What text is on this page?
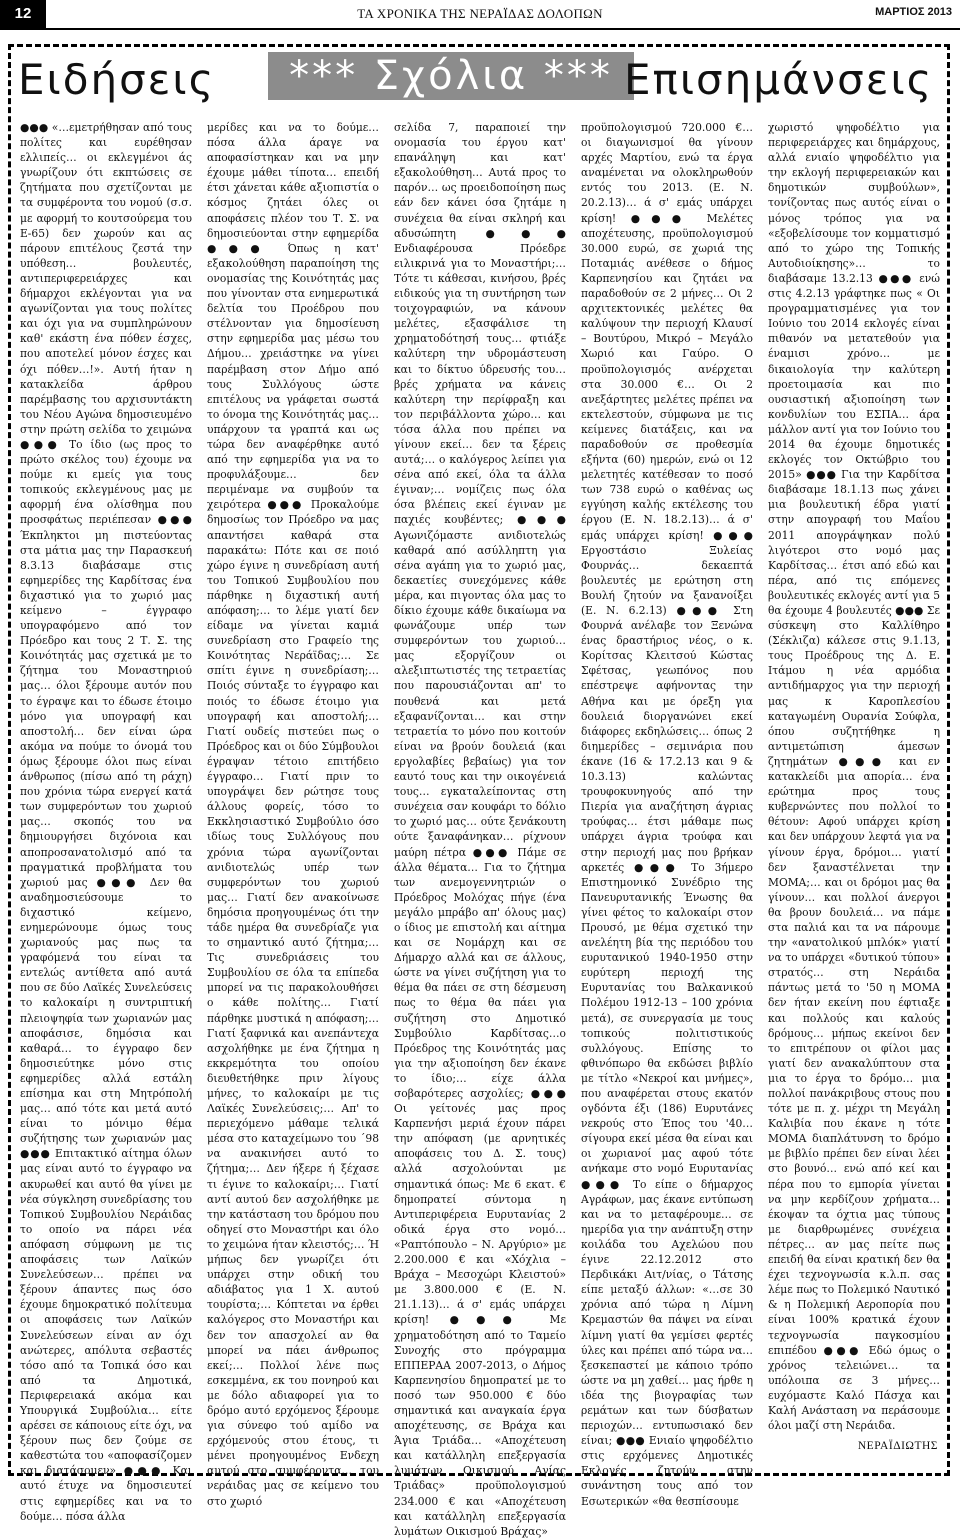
12	ΤΑ ΧΡΟΝΙΚΑ ΤΗΣ ΝΕΡΑΪΔΑΣ ΔΟΛΟΠΩΝ	ΜΑΡΤΙΟΣ 2013
Ειδήσεις	*** Σχόλια *** Επισημάνσεις

●●● «…εμετρήθησαν από τους πολίτες και ευρέθησαν ελλιπείς… οι εκλεγμένοι άς γνωρίζουν ότι εκπτώσεις σε ζητήματα που σχετίζονται με τα συμφέροντα του νομού (σ.σ. με αφορμή το κουτσούρεμα του Ε-65) δεν χωρούν και ας πάρουν επιτέλους ζεστά την υπόθεση… βουλευτές, αντιπεριφερειάρχες και δήμαρχοι εκλέγονται για να αγωνίζονται για τους πολίτες και όχι για να συμπληρώνουν καθ' εκάστη ένα πόθεν έσχες, που αποτελεί μόνον έσχες και όχι πόθεν…!». Αυτή ήταν η κατακλείδα άρθρου παρέμβασης του αρχισυντάκτη του Νέου Αγώνα δημοσιευμένο στην πρώτη σελίδα το χειμώνα ●●● Το ίδιο (ως προς το πρώτο σκέλος του) έχουμε να πούμε κι εμείς για τους τοπικούς εκλεγμένους μας με αφορμή ένα ολίσθημα που προσφάτως περιέπεσαν ●●● Έκπληκτοι μη πιστεύοντας στα μάτια μας την Παρασκευή 8.3.13 διαβάσαμε στις εφημερίδες της Καρδίτσας ένα διχαστικό για το χωριό μας κείμενο – έγγραφο υπογραφόμενο από τον Πρόεδρο και τους 2 Τ. Σ. της Κοινότητάς μας σχετικά με το ζήτημα του Μοναστηριού μας… όλοι ξέρουμε αυτόν που το έγραψε και το έδωσε έτοιμο μόνο για υπογραφή και αποστολή… δεν είναι ώρα ακόμα να πούμε το όνομά του όμως ξέρουμε όλοι πως είναι άνθρωπος (πίσω από τη ράχη) που χρόνια τώρα ενεργεί κατά των συμφερόντων του χωριού μας… σκοπός του να δημιουργήσει διχόνοια και αποπροσανατολισμό από τα πραγματικά προβλήματα του χωριού μας ●●● Δεν θα αναδημοσιεύσουμε το διχαστικό κείμενο, ενημερώνουμε όμως τους χωριανούς μας πως τα γραφόμενά του είναι τα εντελώς αντίθετα από αυτά που σε δύο Λαϊκές Συνελεύσεις το καλοκαίρι η συντριπτική πλειοψηφία των χωριανών μας αποφάσισε, δημόσια και καθαρά… το έγγραφο δεν δημοσιεύτηκε μόνο στις εφημερίδες αλλά εστάλη επίσημα και στη Μητρόπολή μας… από τότε και μετά αυτό είναι το μόνιμο θέμα συζήτησης των χωριανών μας ●●● Επιτακτικό αίτημα όλων μας είναι αυτό το έγγραφο να ακυρωθεί και αυτό θα γίνει με νέα σύγκληση συνεδρίασης του Τοπικού Συμβουλίου Νεράιδας το οποίο να πάρει νέα απόφαση σύμφωνη με τις αποφάσεις των Λαϊκών Συνελεύσεων… πρέπει να ξέρουν άπαντες πως όσο έχουμε δημοκρατικό πολίτευμα οι αποφάσεις των Λαϊκών Συνελεύσεων είναι αν όχι ανώτερες, απόλυτα σεβαστές τόσο από τα Τοπικά όσο και από τα Δημοτικά, Περιφερειακά ακόμα και Υπουργικά Συμβούλια… είτε αρέσει σε κάποιους είτε όχι, να ξέρουν πως δεν ζούμε σε καθεστώτα του «αποφασίζομεν και διατάσομεν» ●●● Και αυτό έτυχε να δημοσιευτεί στις εφημερίδες και να το δούμε… πόσα άλλα

μερίδες και να το δούμε… πόσα άλλα άραγε να αποφασίστηκαν και να μην έχουμε μάθει τίποτα… επειδή έτσι χάνεται κάθε αξιοπιστία ο κόσμος ζητάει όλες οι αποφάσεις πλέον του Τ. Σ. να δημοσιεύονται στην εφημερίδα ●●● Όπως η κατ' εξακολούθηση παραποίηση της ονομασίας της Κοινότητάς μας που γίνονταν στα ενημερωτικά δελτία του Προέδρου που στέλνονταν για δημοσίευση στην εφημερίδα μας μέσω του Δήμου… χρειάστηκε να γίνει παρέμβαση στον Δήμο από τους Συλλόγους ώστε επιτέλους να γράφεται σωστά το όνομα της Κοινότητάς μας… υπάρχουν τα γραπτά και ως τώρα δεν αναφέρθηκε αυτό από την εφημερίδα για να το προφυλάξουμε… δεν περιμέναμε να συμβούν τα χειρότερα ●●● Προκαλούμε δημοσίως τον Πρόεδρο να μας απαντήσει καθαρά στα παρακάτω: Πότε και σε ποιό χώρο έγινε η συνεδρίαση αυτή του Τοπικού Συμβουλίου που πάρθηκε η διχαστική αυτή απόφαση;… το λέμε γιατί δεν είδαμε να γίνεται καμιά συνεδρίαση στο Γραφείο της Κοινότητας Νεράϊδας;… Σε σπίτι έγινε η συνεδρίαση;… Ποιός σύνταξε το έγγραφο και ποιός το έδωσε έτοιμο για υπογραφή και αποστολή;… Γιατί ουδείς πιστεύει πως ο Πρόεδρος και οι δύο Σύμβουλοι έγραψαν τέτοιο επιτήδειο έγγραφο… Γιατί πριν το υπογράψει δεν ρώτησε τους άλλους φορείς, τόσο το Εκκλησιαστικό Συμβούλιο όσο ιδίως τους Συλλόγους που χρόνια τώρα αγωνίζονται ανιδιοτελώς υπέρ των συμφερόντων του χωριού μας… Γιατί δεν ανακοίνωσε δημόσια προηγουμένως ότι την τάδε ημέρα θα συνεδρίαζε για το σημαντικό αυτό ζήτημα;… Τις συνεδριάσεις του Συμβουλίου σε όλα τα επίπεδα μπορεί να τις παρακολουθήσει ο κάθε πολίτης… Γιατί πάρθηκε μυστικά η απόφαση;… Γιατί ξαφνικά και ανεπάντεχα ασχολήθηκε με ένα ζήτημα η εκκρεμότητα του οποίου διευθετήθηκε πριν λίγους μήνες, το καλοκαίρι με τις Λαϊκές Συνελεύσεις;… Απ' το περιεχόμενο μάθαμε τελικά μέσα στο καταχείμωνο του ΄98 να ανακινήσει αυτό το ζήτημα;… Δεν ήξερε ή ξέχασε τι έγινε το καλοκαίρι;… Γιατί αντί αυτού δεν ασχολήθηκε με την κατάσταση του δρόμου που οδηγεί στο Μοναστήρι και όλο το χειμώνα ήταν κλειστός;… Ή μήπως δεν γνωρίζει ότι υπάρχει στην οδική του αδιάβατος για 1 Χ. αυτού τουρίστα;… Κόπτεται να έρθει καλόγερος στο Μοναστήρι και δεν τον απασχολεί αν θα μπορεί να πάει άνθρωπος εκεί;… Πολλοί λένε πως εσκεμμένα, εκ του πονηρού και με δόλο αδιαφορεί για το δρόμο αυτό ερχόμενος ξέρουμε για σύνεφο τού αμίδο να ερχόμενούς στου έτους, τι μένει προηγουμένος Ενδεχη αυτού στο συμφέροντα… του νεράιδας μας σε κείμενο του στο χωριό

σελίδα 7, παραποιεί την ονομασία του έργου κατ' επανάληψη και κατ' εξακολούθηση… Αυτά προς το παρόν… ως προειδοποίηση πως εάν δεν κάνει όσα ζητάμε η συνέχεια θα είναι σκληρή και αδυσώπητη ●●● Ενδιαφέρουσα Πρόεδρε ειλικρινά για το Μοναστήρι;… Τότε τι κάθεσαι, κινήσου, βρές ειδικούς για τη συντήρηση των τοιχογραφιών, να κάνουν μελέτες, εξασφάλισε τη χρηματοδότησή τους… φτιάξε καλύτερη την υδρομάστευση και το δίκτυο ύδρευσής του… βρές χρήματα να κάνεις καλύτερη την περίφραξη και τον περιβάλλοντα χώρο… και τόσα άλλα που πρέπει να γίνουν εκεί… δεν τα ξέρεις αυτά;… ο καλόγερος λείπει για σένα από εκεί, όλα τα άλλα έγιναν;… νομίζεις πως όλα όσα βλέπεις εκεί έγιναν με παχιές κουβέντες; ●●● Αγωνιζόμαστε ανιδιοτελώς καθαρά από ασύλληπτη για σένα αγάπη για το χωριό μας, δεκαετίες συνεχόμενες κάθε μέρα, και πιγοντας όλα μας το δίκιο έχουμε κάθε δικαίωμα να φωνάζουμε υπέρ των συμφερόντων του χωριού… μας εξοργίζουν οι αλεξιπτωτιστές της τετραετίας που παρουσιάζονται απ' το πουθενά και μετά εξαφανίζονται… και στην τετραετία το μόνο που κοιτούν είναι να βρούν δουλειά (και εργολαβίες βεβαίως) για τον εαυτό τους και την οικογένειά τους… εγκαταλείποντας στη συνέχεια σαν κουφάρι το δόλιο το χωριό μας… ούτε ξενάκουτη ούτε ξαναφάνηκαν… ρίχνουν μαύρη πέτρα ●●● Πάμε σε άλλα θέματα… Για το ζήτημα των ανεμογεννητριών ο Πρόεδρος Μολόχας πήγε (ένα μεγάλο μπράβο απ' όλους μας) ο ίδιος με επιστολή και αίτημα και σε Νομάρχη και σε Δήμαρχο αλλά και σε άλλους, ώστε να γίνει συζήτηση για το θέμα θα πάει σε στη δέσμευση πως το θέμα θα πάει για συζήτηση στο Δημοτικό Συμβούλιο Καρδίτσας…ο Πρόεδρος της Κοινότητάς μας για την αξιοποίηση δεν έκανε το ίδιο;… είχε άλλα σοβαρότερες ασχολίες; ●●● Οι γείτονές μας προς Καρπενήσι μεριά έχουν πάρει την απόφαση (με αρνητικές αποφάσεις του Δ. Σ. τους) αλλά ασχολούνται με σημαντικά όπως: Με 6 εκατ. € δημοπρατεί σύντομα η Αντιπεριφέρεια Ευρυτανίας 2 οδικά έργα στο νομό… «Ραπτόπουλο – Ν. Αργύριο» με 2.200.000 € και «Χόχλια – Βράχα – Μεσοχώρι Κλειστού» με 3.800.000 € (Ε. Ν. 21.1.13)… ά σ' εμάς υπάρχει κρίση! ●●● Με χρηματοδότηση από το Ταμείο Συνοχής στο πρόγραμμα ΕΠΠΕΡΑΑ 2007-2013, ο Δήμος Καρπενησίου δημοπρατεί με το ποσό των 950.000 € δύο σημαντικά και αναγκαία έργα αποχέτευσης, σε Βράχα και Άγια Τριάδα… «Αποχέτευση και κατάλληλη επεξεργασία λυμάτων Οικισμού Αγίας Τριάδας» προϋπολογισμού 234.000 € και «Αποχέτευση και κατάλληλη επεξεργασία λυμάτων Οικισμού Βράχας»

προϋπολογισμού 720.000 €… οι διαγωνισμοί θα γίνουν αρχές Μαρτίου, ενώ τα έργα αναμένεται να ολοκληρωθούν εντός του 2013. (Ε. Ν. 20.2.13)… ά σ' εμάς υπάρχει κρίση! ●●● Μελέτες αποχέτευσης, προϋπολογισμού 30.000 ευρώ, σε χωριά της Ποταμιάς ανέθεσε ο δήμος Καρπενησίου και ζητάει να παραδοθούν σε 2 μήνες… Οι 2 αρχιτεκτονικές μελέτες θα καλύψουν την περιοχή Κλαυσί – Βουτύρου, Μικρό – Μεγάλο Χωριό και Γαύρο. Ο προϋπολογισμός ανέρχεται στα 30.000 €… Οι 2 ανεξάρτητες μελέτες πρέπει να εκτελεστούν, σύμφωνα με τις κείμενες διατάξεις, και να παραδοθούν σε προθεσμία εξήντα (60) ημερών, ενώ οι 12 μελετητές κατέθεσαν το ποσό των 738 ευρώ ο καθένας ως εγγύηση καλής εκτέλεσης του έργου (Ε. Ν. 18.2.13)… ά σ' εμάς υπάρχει κρίση! ●●● Εργοστάσιο Ξυλείας Φουρνάς… δεκαεπτά βουλευτές με ερώτηση στη Βουλή ζητούν να ξανανοίξει (Ε. Ν. 6.2.13) ●●● Στη Φουρνά ανέλαβε τον Ξενώνα ένας δραστήριος νέος, ο κ. Κορίτσας Κλειτσού Κώστας Σφέτσας, γεωπόνος που επέστρεψε αφήνοντας την Αθήνα και με όρεξη για δουλειά διοργανώνει εκεί διάφορες εκδηλώσεις… όπως 2 διημερίδες – σεμινάρια που έκανε (16 & 17.2.13 και 9 & 10.3.13) καλώντας τρουφοκυνηγούς από την Πιερία για αναζήτηση άγριας τρούφας… έτσι μάθαμε πως υπάρχει άγρια τρούφα και στην περιοχή μας που βρήκαν αρκετές ●●● Το 3ήμερο Επιστημονικό Συνέδριο της Πανευρυτανικής Ένωσης θα γίνει φέτος το καλοκαίρι στον Προυσό, με θέμα σχετικό την ανελέητη βία της περιόδου του ευρυτανικού 1940-1950 στην ευρύτερη περιοχή της Ευρυτανίας του Βαλκανικού Πολέμου 1912-13 – 100 χρόνια μετά), σε συνεργασία με τους τοπικούς πολιτιστικούς συλλόγους. Επίσης το φθινόπωρο θα εκδώσει βιβλίο με τίτλο «Νεκροί και μνήμες», που αναφέρεται στους εκατόν ογδόντα έξι (186) Ευρυτάνες νεκρούς στο Έπος του '40… σίγουρα εκεί μέσα θα είναι και οι χωριανοί μας αφού τότε ανήκαμε στο νομό Ευρυτανίας ●●● Το είπε ο δήμαρχος Αγράφων, μας έκανε εντύπωση και να το μεταφέρουμε… σε ημερίδα για την ανάπτυξη στην κοιλάδα του Αχελώου που έγινε 22.12.2012 στο Περδικάκι Αιτ/νίας, ο Τάτσης είπε μεταξύ άλλων: «…σε 30 χρόνια από τώρα η Λίμνη Κρεμαστών θα πάψει να είναι λίμνη γιατί θα γεμίσει φερτές ύλες και πρέπει από τώρα να… ξεσκεπαστεί με κάποιο τρόπο ώστε να μη χαθεί… μας ήρθε η ιδέα της βιογραφίας των ρεμάτων και των δύσβατων περιοχών… εντυπωσιακό δεν είναι; ●●● Ενιαίο ψηφοδέλτιο στις ερχόμενες Δημοτικές Εκλογές ζητούν στην συνάντηση τους από τον Εσωτερικών «θα θεσπίσουμε

χωριστό ψηφοδέλτιο για περιφερειάρχες και δημάρχους, αλλά ενιαίο ψηφοδέλτιο για την εκλογή περιφερειακών και δημοτικών συμβούλων», τονίζοντας πως αυτός είναι ο μόνος τρόπος για να «εξοβελίσουμε τον κομματισμό από το χώρο της Τοπικής Αυτοδιοίκησης»… το διαβάσαμε 13.2.13 ●●● ενώ στις 4.2.13 γράφτηκε πως « Οι προγραμματισμένες για τον Ιούνιο του 2014 εκλογές είναι πιθανόν να μετατεθούν για έναμισι χρόνο… με δικαιολογία την καλύτερη προετοιμασία και πιο ουσιαστική αξιοποίηση των κονδυλίων του ΕΣΠΑ… άρα μάλλον αντί για τον Ιούνιο του 2014 θα έχουμε δημοτικές εκλογές τον Οκτώβριο του 2015» ●●● Για την Καρδίτσα διαβάσαμε 18.1.13 πως χάνει μια βουλευτική έδρα γιατί στην απογραφή του Μαΐου 2011 απογράψηκαν πολύ λιγότεροι στο νομό μας Καρδίτσας… έτσι από εδώ και πέρα, από τις επόμενες βουλευτικές εκλογές αντί για 5 θα έχουμε 4 βουλευτές ●●● Σε σύσκεψη στο Καλλίθηρο (Σέκλιζα) κάλεσε στις 9.1.13, τους Προέδρους της Δ. Ε. Ιτάμου η νέα αρμόδια αντιδήμαρχος για την περιοχή μας κ Καροπλεσίου καταγωμένη Ουρανία Σούφλα, όπου συζητήθηκε η αντιμετώπιση άμεσων ζητημάτων ●●● και εν κατακλείδι μια απορία… ένα ερώτημα προς τους κυβερνώντες που πολλοί το θέτουν: Αφού υπάρχει κρίση και δεν υπάρχουν λεφτά για να γίνουν έργα, δρόμοι… γιατί δεν ξαναστέλνεται την ΜΟΜΑ;… και οι δρόμοι μας θα γίνουν… και πολλοί άνεργοι θα βρουν δουλειά… να πάμε στα παλιά και τα να πάρουμε την «ανατολικού μπλόκ» γιατί να το υπάρχει «δυτικού τύπου» στρατός… στη Νεράιδα πάντως μετά το '50 η ΜΟΜΑ δεν ήταν εκείνη που έφτιαξε και πολλούς και καλούς δρόμους… μήπως εκείνοι δεν το επιτρέπουν οι φίλοι μας γιατί δεν ανακαλύπτουν στα μια το έργα το δρόμο… μια πολλοί πανάκριβους στους που τότε με π. χ. μέχρι τη Μεγάλη Καλιβία που έκανε η τότε ΜΟΜΑ διαπλάτυνση το δρόμο με βιβλίο πρέπει δεν είναι λέει στο βουνό… ενώ από κεί και πέρα που το εμπορία γίνεται να μην κερδίζουν χρήματα… έκοψαν τα όχτια μας τύπους με διαρθρωμένες συνέχεια πέτρες… αν μας πείτε πως επειδή θα είναι κρατική δεν θα έχει τεχνογνωσία κ.λ.π. σας λέμε πως το Πολεμικό Ναυτικό & η Πολεμική Αεροπορία που είναι 100% κρατικά έχουν τεχνογνωσία παγκοσμίου επιπέδου ●●● Εδώ όμως ο χρόνος τελειώνει… τα υπόλοιπα σε 3 μήνες… ευχόμαστε Καλό Πάσχα και Καλή Ανάσταση να περάσουμε όλοι μαζί στη Νεράιδα.

ΝΕΡΑΪΔΙΩΤΗΣ
